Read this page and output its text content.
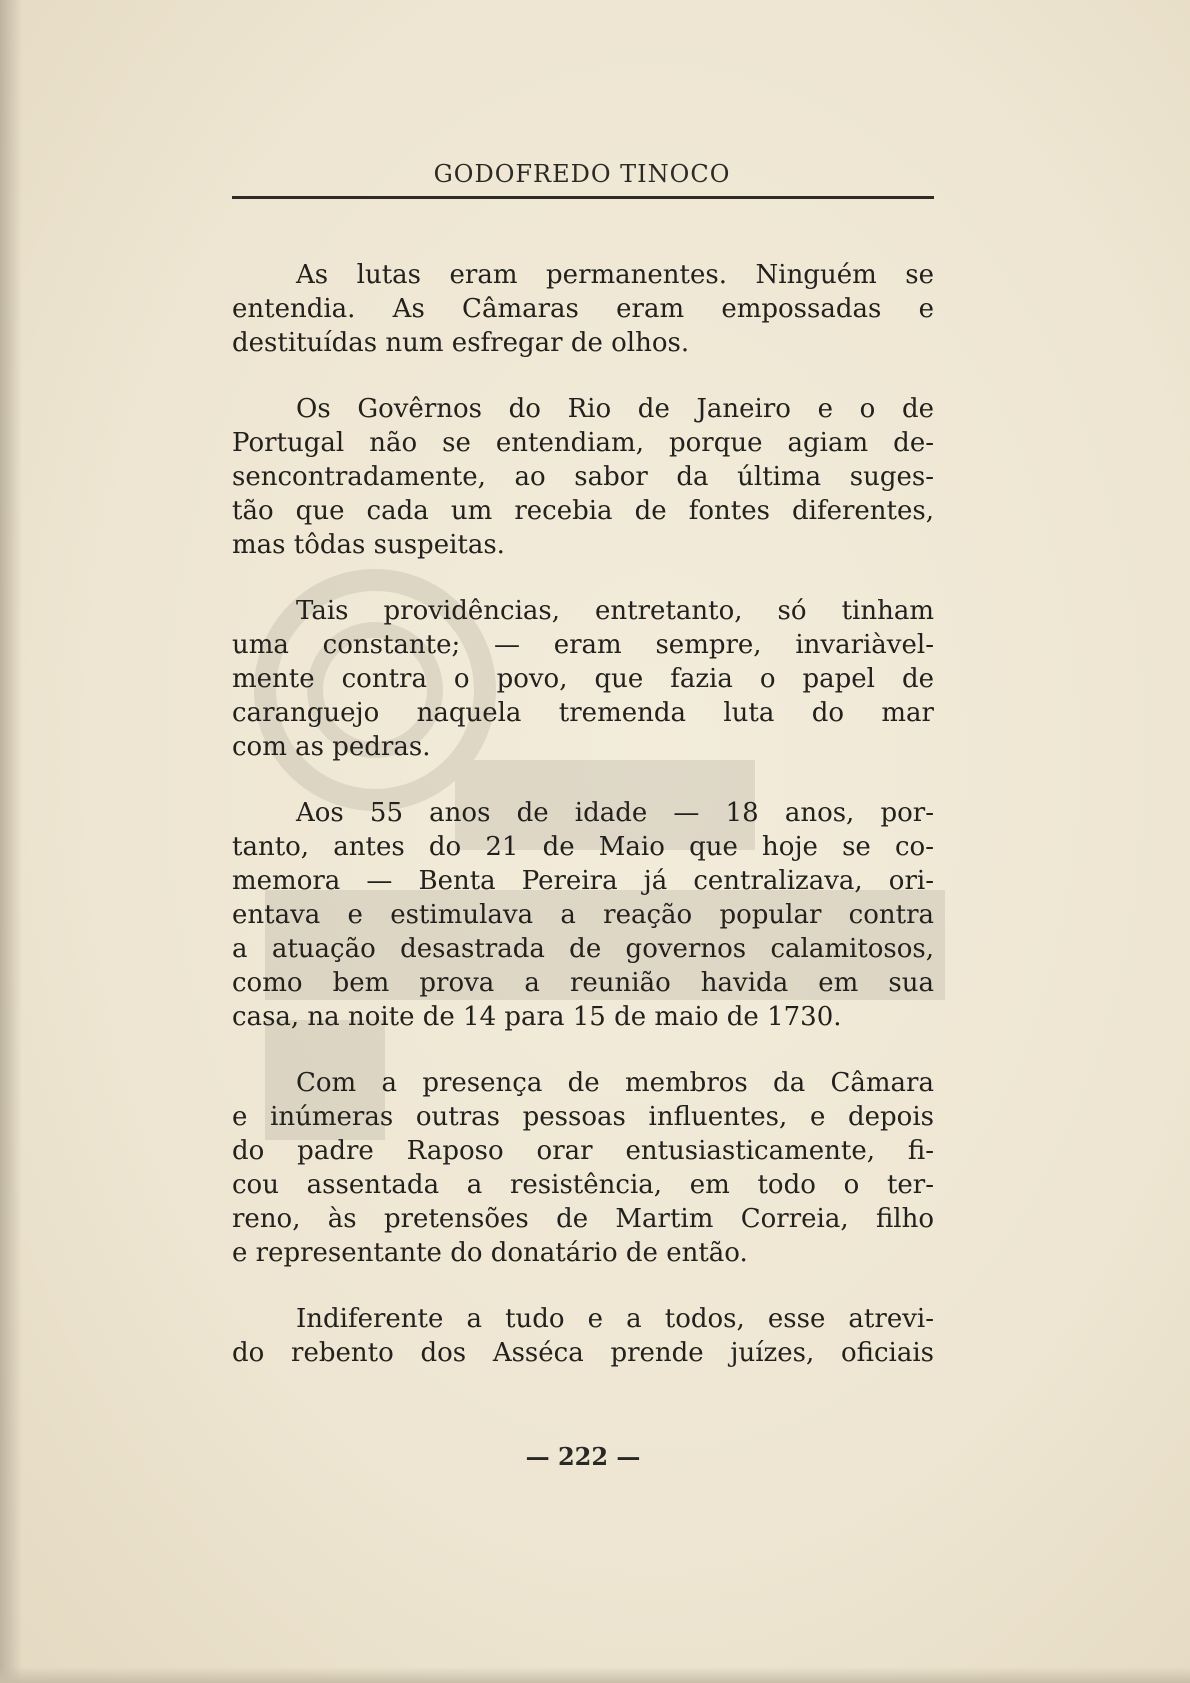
GODOFREDO TINOCO
As lutas eram permanentes. Ninguém se
entendia. As Câmaras eram empossadas e
destituídas num esfregar de olhos.
Os Govêrnos do Rio de Janeiro e o de
Portugal não se entendiam, porque agiam de-
sencontradamente, ao sabor da última suges-
tão que cada um recebia de fontes diferentes,
mas tôdas suspeitas.
Tais providências, entretanto, só tinham
uma constante; — eram sempre, invariàvel-
mente contra o povo, que fazia o papel de
caranguejo naquela tremenda luta do mar
com as pedras.
Aos 55 anos de idade — 18 anos, por-
tanto, antes do 21 de Maio que hoje se co-
memora — Benta Pereira já centralizava, ori-
entava e estimulava a reação popular contra
a atuação desastrada de governos calamitosos,
como bem prova a reunião havida em sua
casa, na noite de 14 para 15 de maio de 1730.
Com a presença de membros da Câmara
e inúmeras outras pessoas influentes, e depois
do padre Raposo orar entusiasticamente, fi-
cou assentada a resistência, em todo o ter-
reno, às pretensões de Martim Correia, filho
e representante do donatário de então.
Indiferente a tudo e a todos, esse atrevi-
do rebento dos Asséca prende juízes, oficiais
— 222 —
